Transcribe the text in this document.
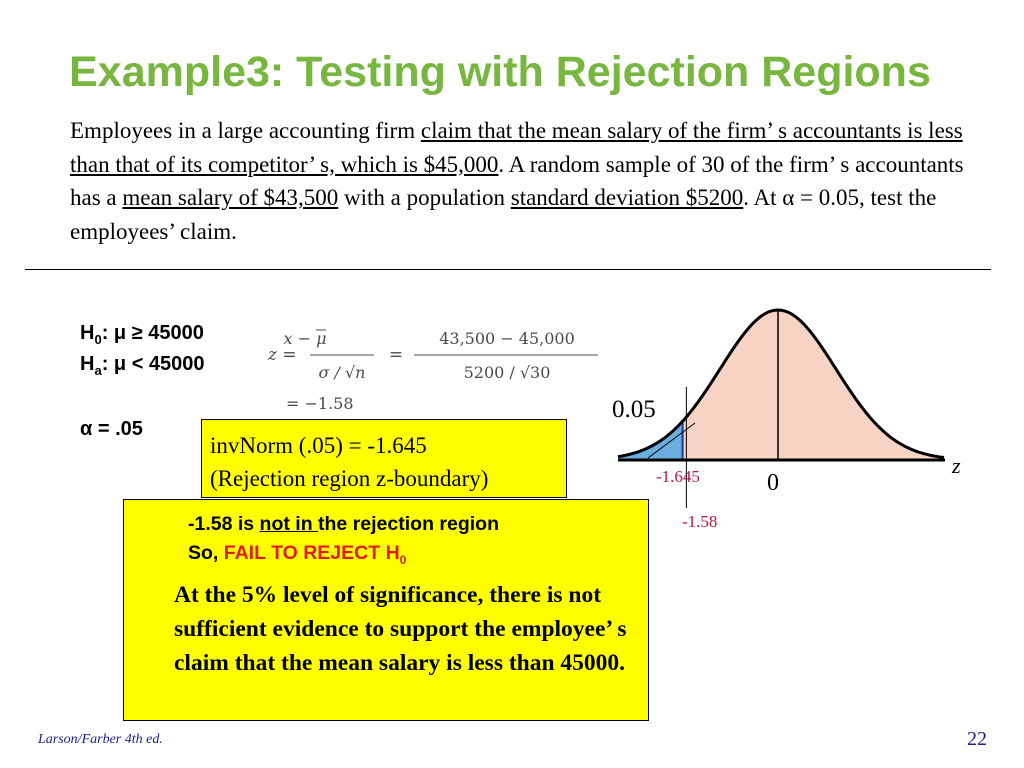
Example3: Testing with Rejection Regions
Employees in a large accounting firm claim that the mean salary of the firm’ s accountants is less than that of its competitor’ s, which is $45,000. A random sample of 30 of the firm’ s accountants has a mean salary of $43,500 with a population standard deviation $5200. At α = 0.05, test the employees’ claim.
$H_0$: μ ≥ 45000
$H_a$: μ < 45000
α = .05
z =
x − μ
σ / √n
=
43,500 − 45,000
5200 / √30
= −1.58
invNorm (.05) = -1.645
(Rejection region z-boundary)
0.05
-1.645	0
z
-1.58
-1.58 is not in the rejection region
So, FAIL TO REJECT $H_0$
At the 5% level of significance, there is not sufficient evidence to support the employee’ s claim that the mean salary is less than 45000.
Larson/Farber 4th ed.	22
